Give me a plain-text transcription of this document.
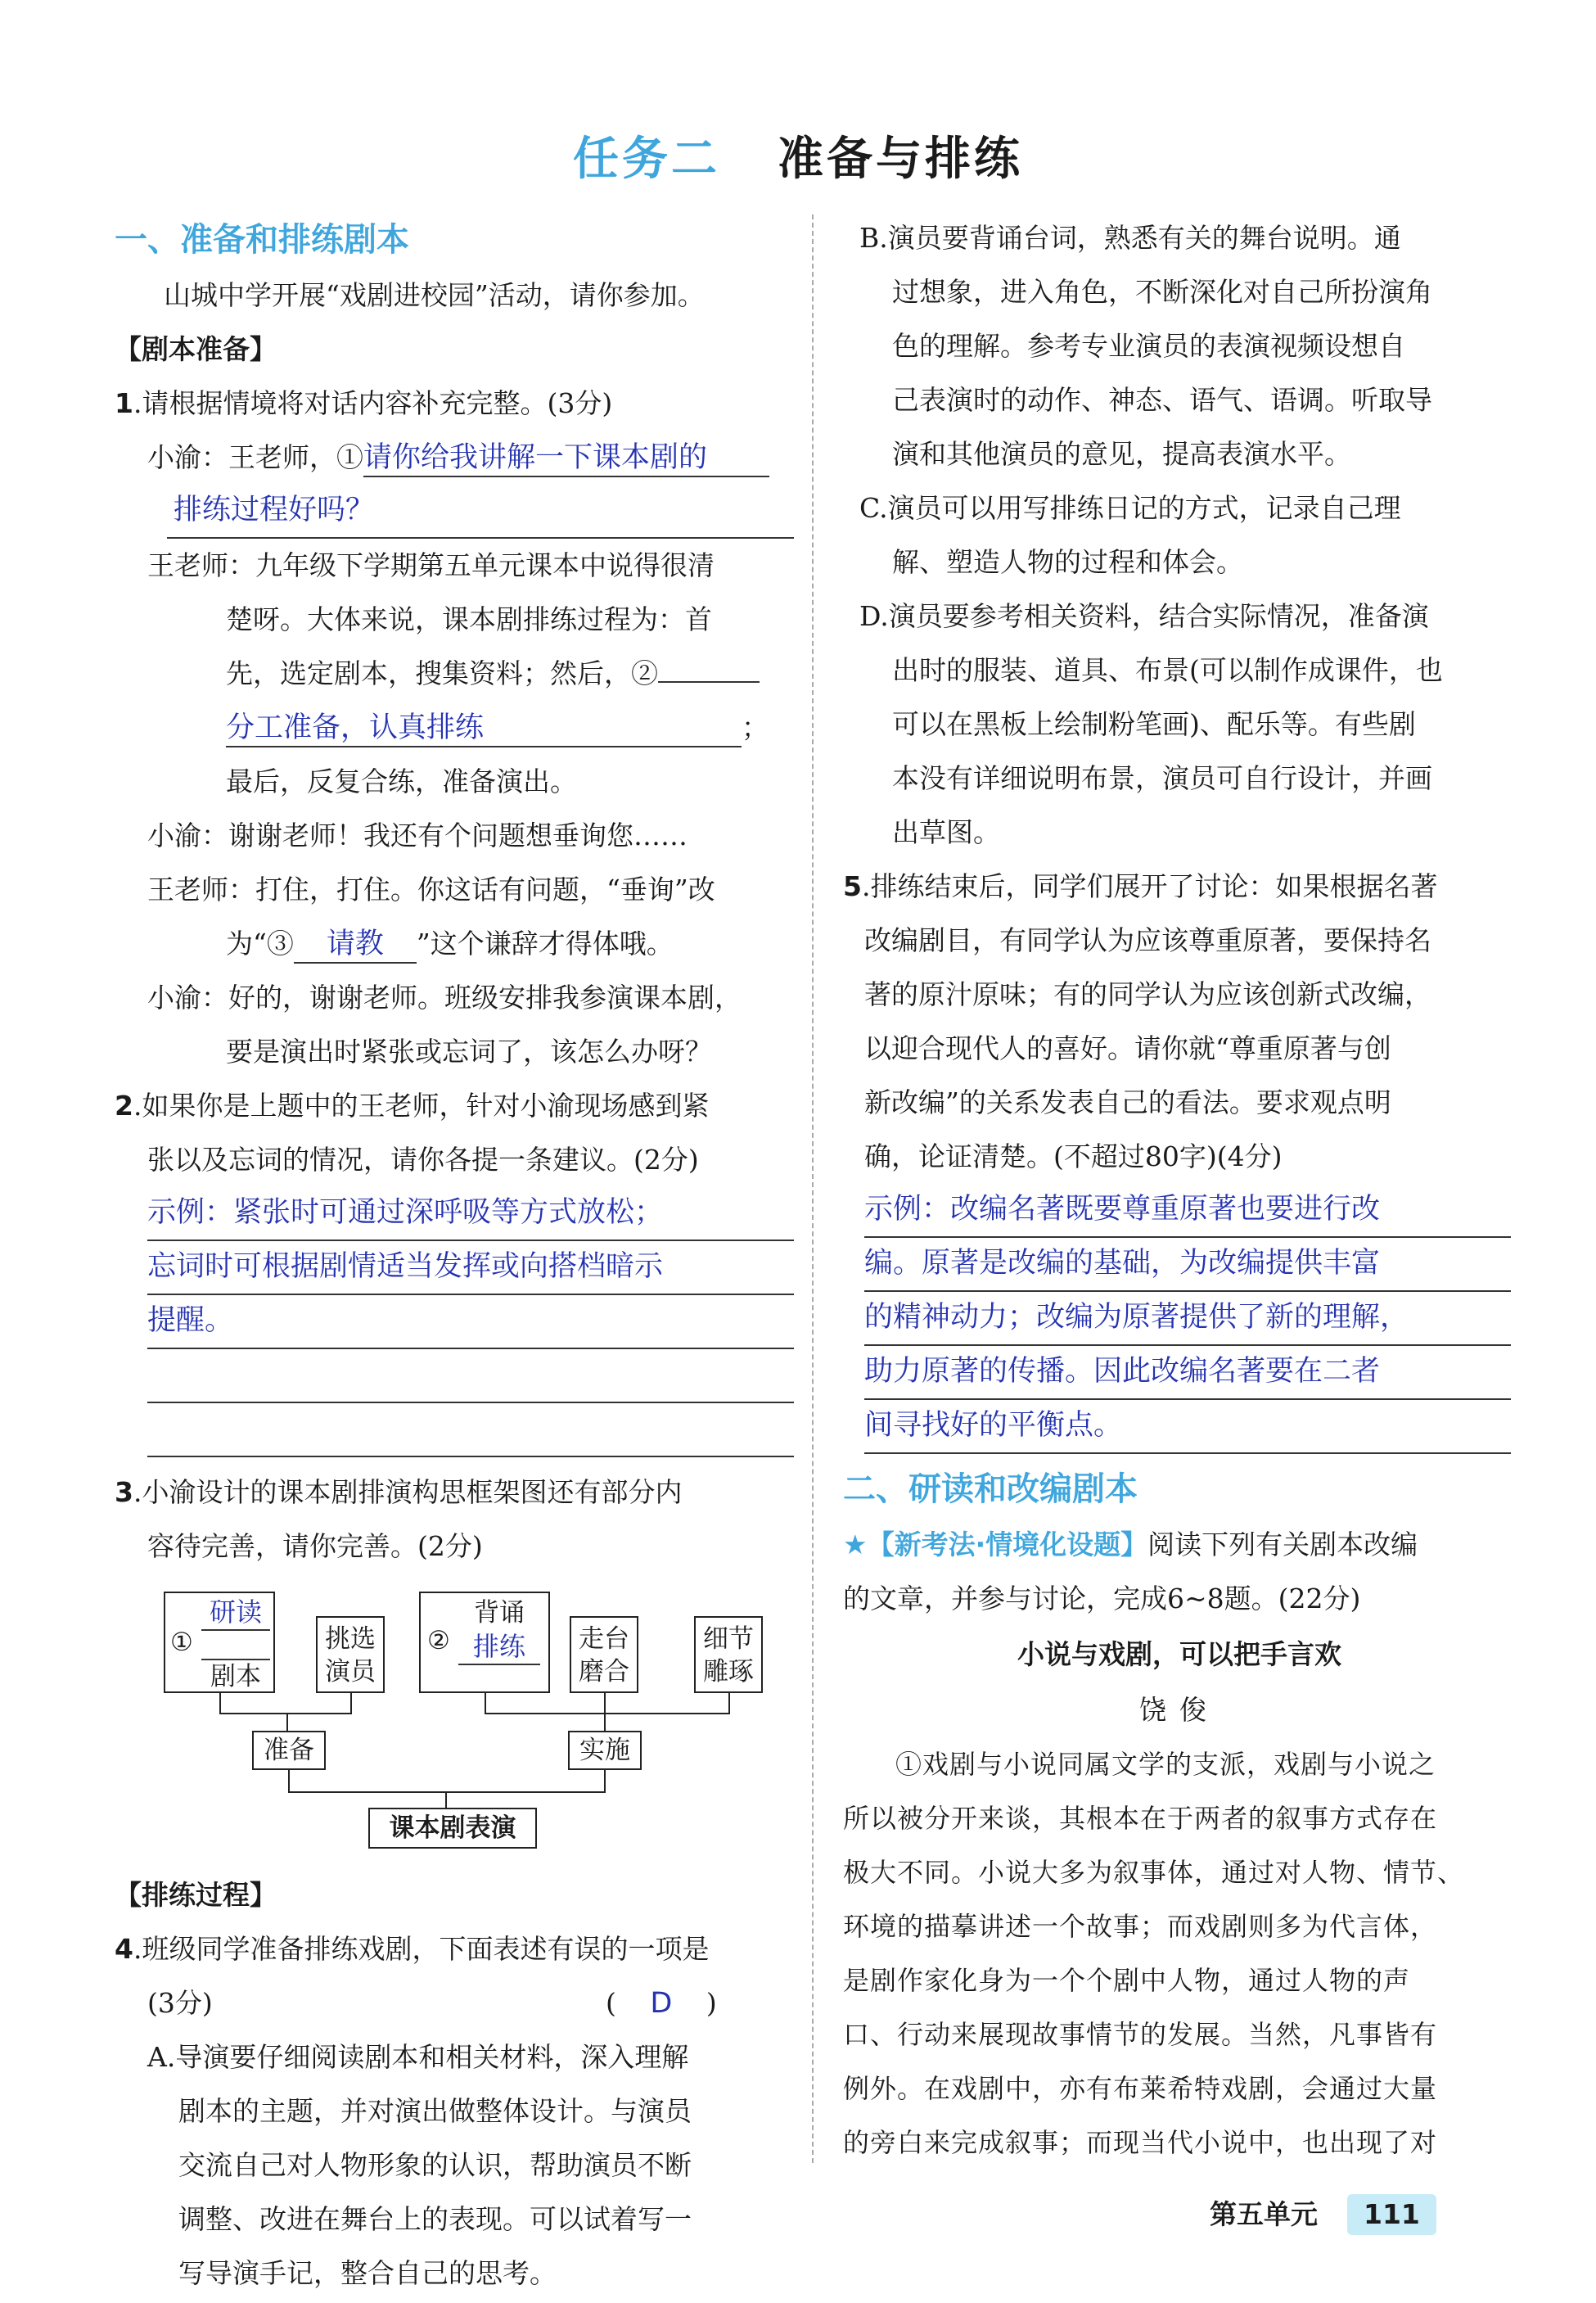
任务二 准备与排练
一、准备和排练剧本
山城中学开展“戏剧进校园”活动，请你参加。
【剧本准备】
1.请根据情境将对话内容补充完整。(3分)
小渝：王老师，①请你给我讲解一下课本剧的
排练过程好吗？
王老师：九年级下学期第五单元课本中说得很清
楚呀。大体来说，课本剧排练过程为：首
先，选定剧本，搜集资料；然后，②
分工准备，认真排练	；
最后，反复合练，准备演出。
小渝：谢谢老师！我还有个问题想垂询您……
王老师：打住，打住。你这话有问题，“垂询”改
为“③ 请教 ”这个谦辞才得体哦。
小渝：好的，谢谢老师。班级安排我参演课本剧，
要是演出时紧张或忘词了，该怎么办呀？
2.如果你是上题中的王老师，针对小渝现场感到紧
张以及忘词的情况，请你各提一条建议。(2分)
示例：紧张时可通过深呼吸等方式放松；
忘词时可根据剧情适当发挥或向搭档暗示
提醒。
3.小渝设计的课本剧排演构思框架图还有部分内
容待完善，请你完善。(2分)
①
研读
剧本
挑选演员
②
背诵
排练	走台磨合
细节雕琢
准备	实施
课本剧表演
【排练过程】
4.班级同学准备排练戏剧，下面表述有误的一项是
(3分)	( D )
A.导演要仔细阅读剧本和相关材料，深入理解
剧本的主题，并对演出做整体设计。与演员
交流自己对人物形象的认识，帮助演员不断
调整、改进在舞台上的表现。可以试着写一
写导演手记，整合自己的思考。
B.演员要背诵台词，熟悉有关的舞台说明。通
过想象，进入角色，不断深化对自己所扮演角
色的理解。参考专业演员的表演视频设想自
己表演时的动作、神态、语气、语调。听取导
演和其他演员的意见，提高表演水平。
C.演员可以用写排练日记的方式，记录自己理
解、塑造人物的过程和体会。
D.演员要参考相关资料，结合实际情况，准备演
出时的服装、道具、布景(可以制作成课件，也
可以在黑板上绘制粉笔画)、配乐等。有些剧
本没有详细说明布景，演员可自行设计，并画
出草图。
5.排练结束后，同学们展开了讨论：如果根据名著
改编剧目，有同学认为应该尊重原著，要保持名
著的原汁原味；有的同学认为应该创新式改编，
以迎合现代人的喜好。请你就“尊重原著与创
新改编”的关系发表自己的看法。要求观点明
确，论证清楚。(不超过80字)(4分)
示例：改编名著既要尊重原著也要进行改
编。原著是改编的基础，为改编提供丰富
的精神动力；改编为原著提供了新的理解，
助力原著的传播。因此改编名著要在二者
间寻找好的平衡点。
二、研读和改编剧本
★【新考法·情境化设题】阅读下列有关剧本改编
的文章，并参与讨论，完成6~8题。(22分)
小说与戏剧，可以把手言欢
饶俊
①戏剧与小说同属文学的支派，戏剧与小说之
所以被分开来谈，其根本在于两者的叙事方式存在
极大不同。小说大多为叙事体，通过对人物、情节、
环境的描摹讲述一个故事；而戏剧则多为代言体，
是剧作家化身为一个个剧中人物，通过人物的声
口、行动来展现故事情节的发展。当然，凡事皆有
例外。在戏剧中，亦有布莱希特戏剧，会通过大量
的旁白来完成叙事；而现当代小说中，也出现了对
第五单元 111
